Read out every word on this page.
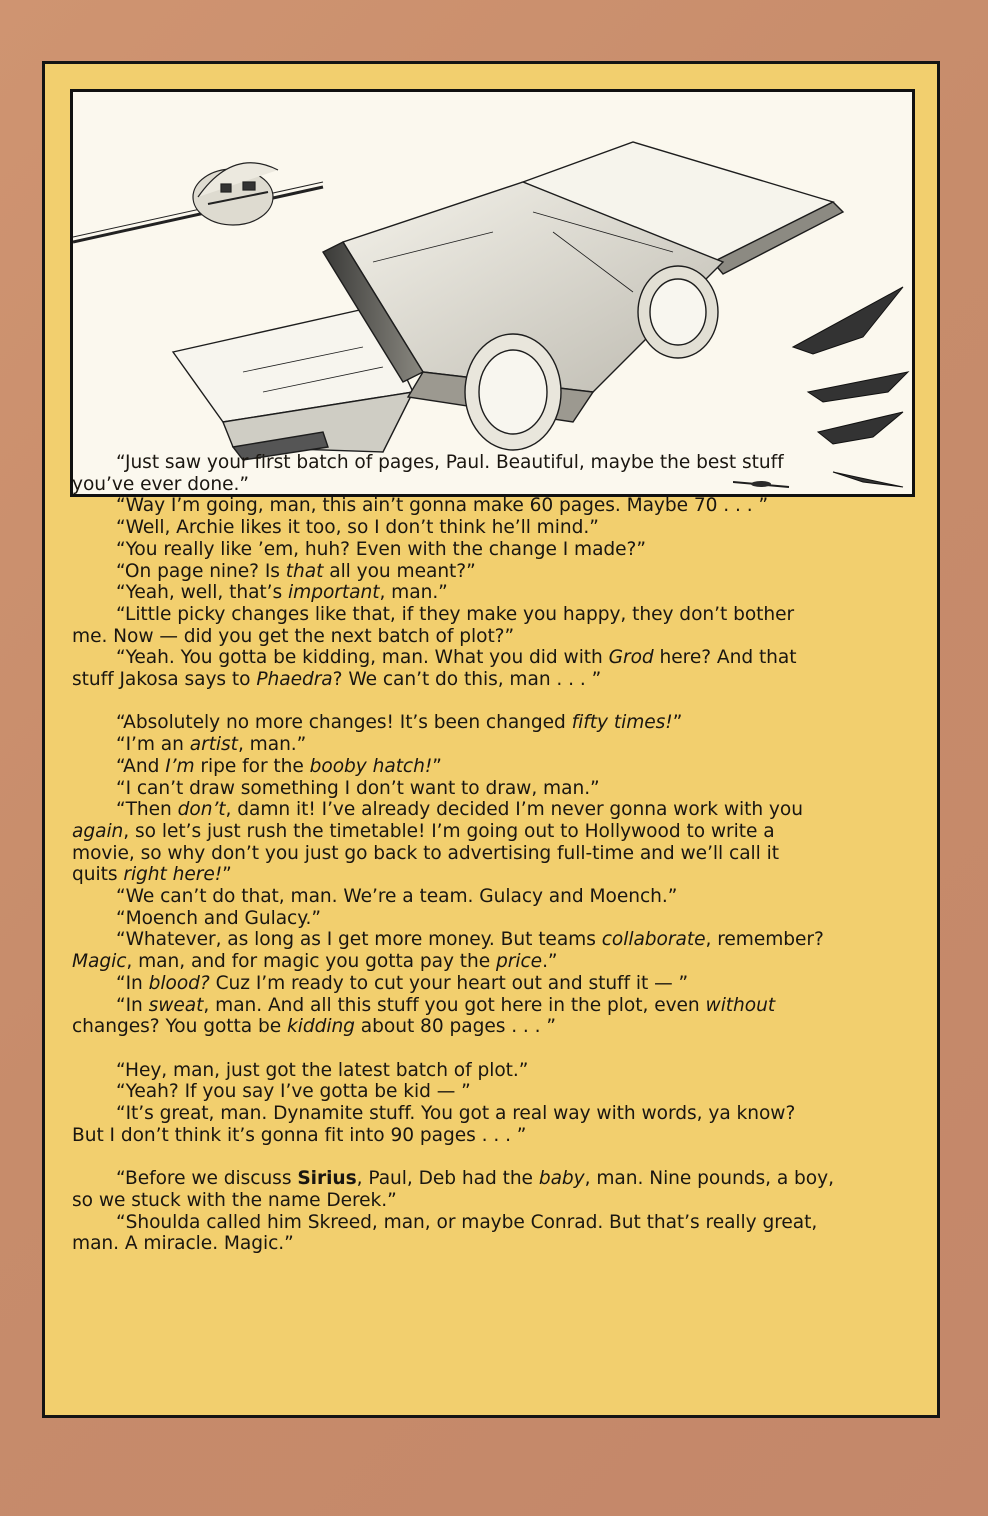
“Just saw your first batch of pages, Paul. Beautiful, maybe the best stuff
you’ve ever done.”
“Way I’m going, man, this ain’t gonna make 60 pages. Maybe 70 . . . ”
“Well, Archie likes it too, so I don’t think he’ll mind.”
“You really like ’em, huh? Even with the change I made?”
“On page nine? Is that all you meant?”
“Yeah, well, that’s important, man.”
“Little picky changes like that, if they make you happy, they don’t bother
me. Now — did you get the next batch of plot?”
“Yeah. You gotta be kidding, man. What you did with Grod here? And that
stuff Jakosa says to Phaedra? We can’t do this, man . . . ”
“Absolutely no more changes! It’s been changed fifty times!”
“I’m an artist, man.”
“And I’m ripe for the booby hatch!”
“I can’t draw something I don’t want to draw, man.”
“Then don’t, damn it! I’ve already decided I’m never gonna work with you
again, so let’s just rush the timetable! I’m going out to Hollywood to write a
movie, so why don’t you just go back to advertising full-time and we’ll call it
quits right here!”
“We can’t do that, man. We’re a team. Gulacy and Moench.”
“Moench and Gulacy.”
“Whatever, as long as I get more money. But teams collaborate, remember?
Magic, man, and for magic you gotta pay the price.”
“In blood? Cuz I’m ready to cut your heart out and stuff it — ”
“In sweat, man. And all this stuff you got here in the plot, even without
changes? You gotta be kidding about 80 pages . . . ”
“Hey, man, just got the latest batch of plot.”
“Yeah? If you say I’ve gotta be kid — ”
“It’s great, man. Dynamite stuff. You got a real way with words, ya know?
But I don’t think it’s gonna fit into 90 pages . . . ”
“Before we discuss Sirius, Paul, Deb had the baby, man. Nine pounds, a boy,
so we stuck with the name Derek.”
“Shoulda called him Skreed, man, or maybe Conrad. But that’s really great,
man. A miracle. Magic.”
